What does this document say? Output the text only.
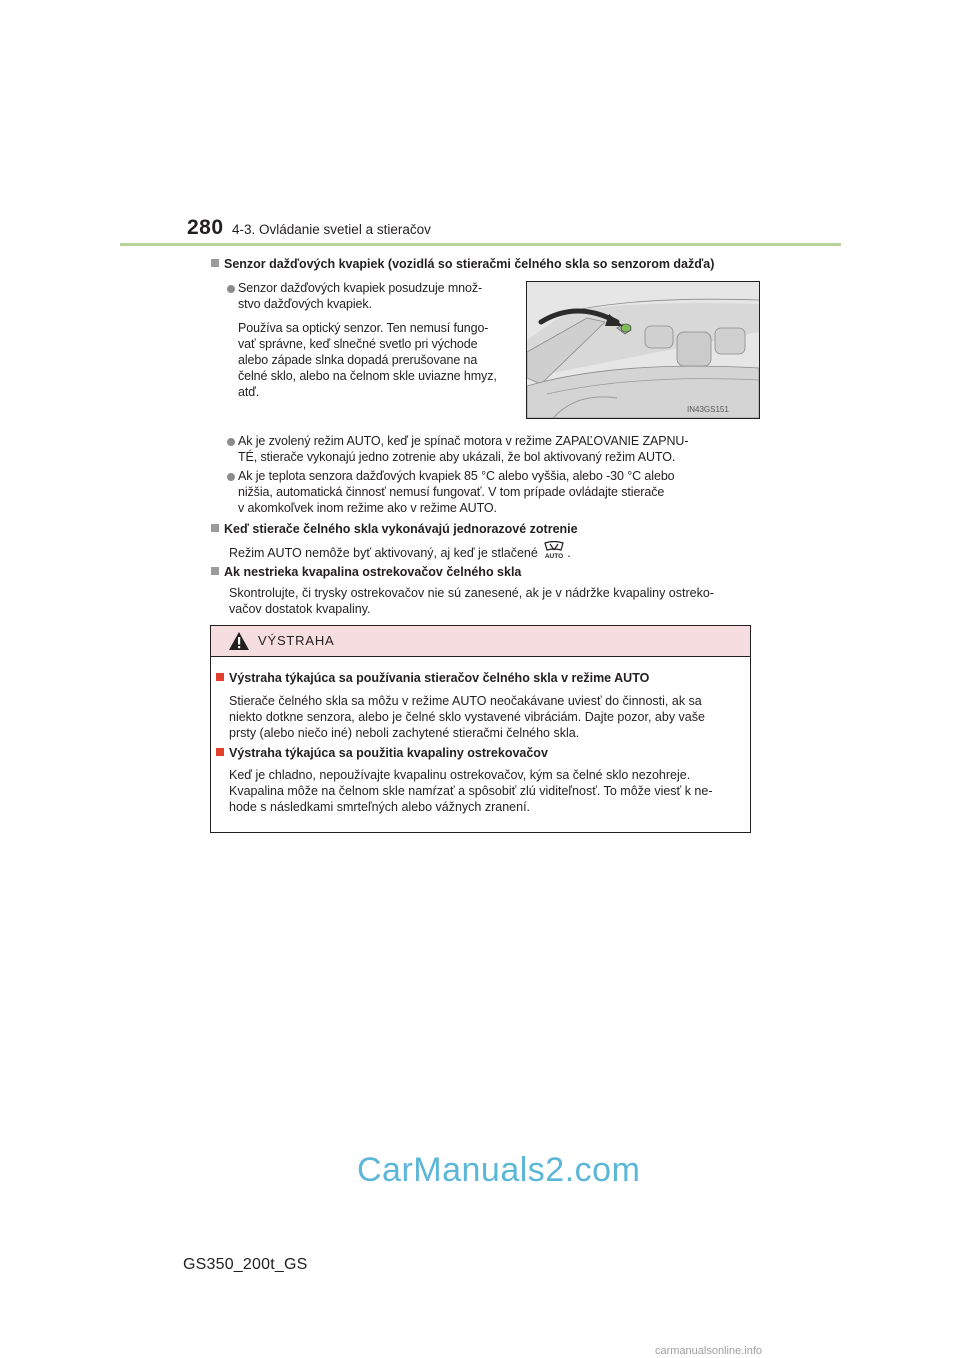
280 4-3. Ovládanie svetiel a stieračov
Senzor dažďových kvapiek (vozidlá so stieračmi čelného skla so senzorom dažďa)
Senzor dažďových kvapiek posudzuje množ-
stvo dažďových kvapiek.
Používa sa optický senzor. Ten nemusí fungo-
vať správne, keď slnečné svetlo pri východe
alebo západe slnka dopadá prerušovane na
čelné sklo, alebo na čelnom skle uviazne hmyz,
atď.
IN43GS151
Ak je zvolený režim AUTO, keď je spínač motora v režime ZAPAĽOVANIE ZAPNU-
TÉ, stierače vykonajú jedno zotrenie aby ukázali, že bol aktivovaný režim AUTO.
Ak je teplota senzora dažďových kvapiek 85 °C alebo vyššia, alebo -30 °C alebo
nižšia, automatická činnosť nemusí fungovať. V tom prípade ovládajte stierače
v akomkoľvek inom režime ako v režime AUTO.
Keď stierače čelného skla vykonávajú jednorazové zotrenie
Režim AUTO nemôže byť aktivovaný, aj keď je stlačené AUTO .
Ak nestrieka kvapalina ostrekovačov čelného skla
Skontrolujte, či trysky ostrekovačov nie sú zanesené, ak je v nádržke kvapaliny ostreko-
vačov dostatok kvapaliny.
VÝSTRAHA
Výstraha týkajúca sa používania stieračov čelného skla v režime AUTO
Stierače čelného skla sa môžu v režime AUTO neočakávane uviesť do činnosti, ak sa
niekto dotkne senzora, alebo je čelné sklo vystavené vibráciám. Dajte pozor, aby vaše
prsty (alebo niečo iné) neboli zachytené stieračmi čelného skla.
Výstraha týkajúca sa použitia kvapaliny ostrekovačov
Keď je chladno, nepoužívajte kvapalinu ostrekovačov, kým sa čelné sklo nezohreje.
Kvapalina môže na čelnom skle namŕzať a spôsobiť zlú viditeľnosť. To môže viesť k ne-
hode s následkami smrteľných alebo vážnych zranení.
CarManuals2.com
GS350_200t_GS
carmanualsonline.info
